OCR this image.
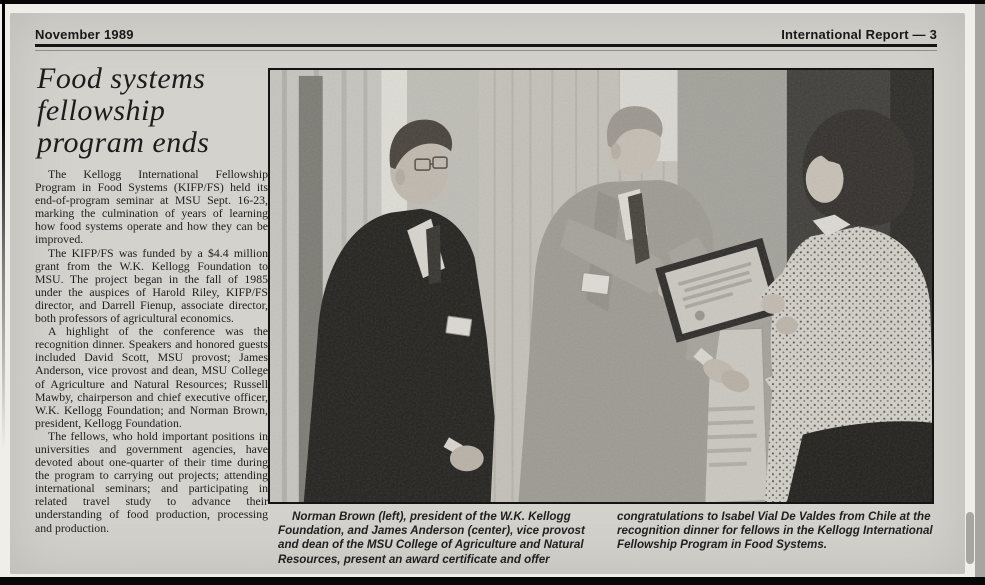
November 1989	International Report — 3
Food systems
fellowship
program ends

The Kellogg International Fellowship Program in Food Systems (KIFP/FS) held its end-of-program seminar at MSU Sept. 16-23, marking the culmination of years of learning how food systems operate and how they can be improved.

The KIFP/FS was funded by a $4.4 million grant from the W.K. Kellogg Foundation to MSU. The project began in the fall of 1985 under the auspices of Harold Riley, KIFP/FS director, and Darrell Fienup, associate director, both professors of agricultural economics.

A highlight of the conference was the recognition dinner. Speakers and honored guests included David Scott, MSU provost; James Anderson, vice provost and dean, MSU College of Agriculture and Natural Resources; Russell Mawby, chairperson and chief executive officer, W.K. Kellogg Foundation; and Norman Brown, president, Kellogg Foundation.

The fellows, who hold important positions in universities and government agencies, have devoted about one-quarter of their time during the program to carrying out projects; attending international seminars; and participating in related travel study to advance their understanding of food production, processing and production.

Norman Brown (left), president of the W.K. Kellogg Foundation, and James Anderson (center), vice provost and dean of the MSU College of Agriculture and Natural Resources, present an award certificate and offer
congratulations to Isabel Vial De Valdes from Chile at the recognition dinner for fellows in the Kellogg International Fellowship Program in Food Systems.
